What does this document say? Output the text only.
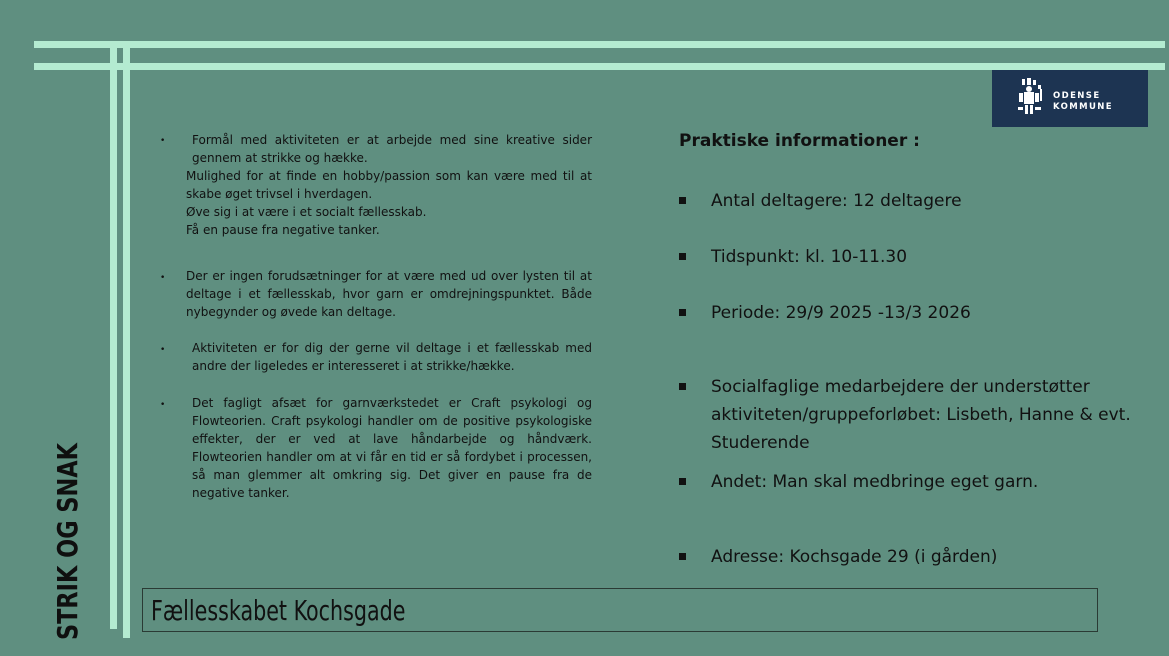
ODENSE
KOMMUNE
STRIK OG SNAK
•	Formål med aktiviteten er at arbejde med sine kreative sider gennem at strikke og hække.
Mulighed for at finde en hobby/passion som kan være med til at skabe øget trivsel i hverdagen.
Øve sig i at være i et socialt fællesskab.
Få en pause fra negative tanker.
• Der er ingen forudsætninger for at være med ud over lysten til at deltage i et fællesskab, hvor garn er omdrejningspunktet. Både nybegynder og øvede kan deltage.
•	Aktiviteten er for dig der gerne vil deltage i et fællesskab med andre der ligeledes er interesseret i at strikke/hække.
•	Det fagligt afsæt for garnværkstedet er Craft psykologi og Flowteorien. Craft psykologi handler om de positive psykologiske effekter, der er ved at lave håndarbejde og håndværk. Flowteorien handler om at vi får en tid er så fordybet i processen, så man glemmer alt omkring sig. Det giver en pause fra de negative tanker.
Praktiske informationer :
Antal deltagere: 12 deltagere
Tidspunkt: kl. 10-11.30
Periode: 29/9 2025 -13/3 2026
Socialfaglige medarbejdere der understøtter aktiviteten/gruppeforløbet: Lisbeth, Hanne & evt. Studerende
Andet: Man skal medbringe eget garn.
Adresse: Kochsgade 29 (i gården)
Fællesskabet Kochsgade
